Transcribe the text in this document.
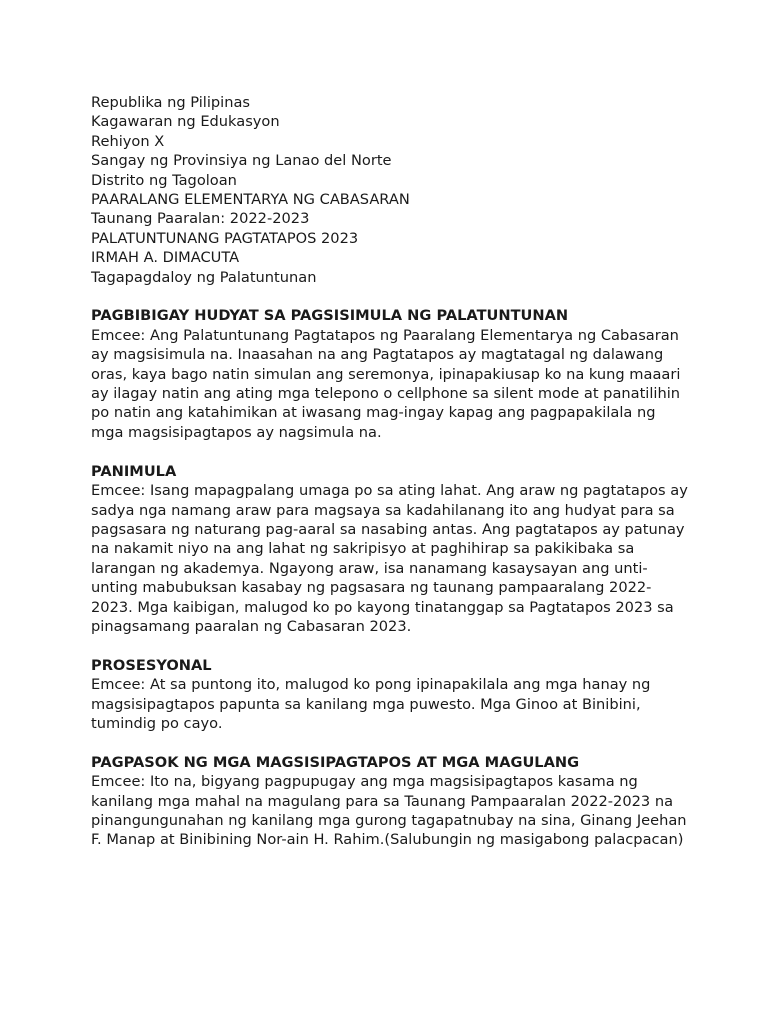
Republika ng Pilipinas
Kagawaran ng Edukasyon
Rehiyon X
Sangay ng Provinsiya ng Lanao del Norte
Distrito ng Tagoloan
PAARALANG ELEMENTARYA NG CABASARAN
Taunang Paaralan: 2022-2023
PALATUNTUNANG PAGTATAPOS 2023
IRMAH A. DIMACUTA
Tagapagdaloy ng Palatuntunan
PAGBIBIGAY HUDYAT SA PAGSISIMULA NG PALATUNTUNAN

Emcee: Ang Palatuntunang Pagtatapos ng Paaralang Elementarya ng Cabasaran ay magsisimula na. Inaasahan na ang Pagtatapos ay magtatagal ng dalawang oras, kaya bago natin simulan ang seremonya, ipinapakiusap ko na kung maaari ay ilagay natin ang ating mga telepono o cellphone sa silent mode at panatilihin po natin ang katahimikan at iwasang mag-ingay kapag ang pagpapakilala ng mga magsisipagtapos ay nagsimula na.

PANIMULA

Emcee: Isang mapagpalang umaga po sa ating lahat. Ang araw ng pagtatapos ay sadya nga namang araw para magsaya sa kadahilanang ito ang hudyat para sa pagsasara ng naturang pag-aaral sa nasabing antas. Ang pagtatapos ay patunay na nakamit niyo na ang lahat ng sakripisyo at paghihirap sa pakikibaka sa larangan ng akademya. Ngayong araw, isa nanamang kasaysayan ang unti-unting mabubuksan kasabay ng pagsasara ng taunang pampaaralang 2022-2023. Mga kaibigan, malugod ko po kayong tinatanggap sa Pagtatapos 2023 sa pinagsamang paaralan ng Cabasaran 2023.

PROSESYONAL

Emcee: At sa puntong ito, malugod ko pong ipinapakilala ang mga hanay ng magsisipagtapos papunta sa kanilang mga puwesto. Mga Ginoo at Binibini, tumindig po cayo.

PAGPASOK NG MGA MAGSISIPAGTAPOS AT MGA MAGULANG

Emcee: Ito na, bigyang pagpupugay ang mga magsisipagtapos kasama ng kanilang mga mahal na magulang para sa Taunang Pampaaralan 2022-2023 na pinangungunahan ng kanilang mga gurong tagapatnubay na sina, Ginang Jeehan F. Manap at Binibining Nor-ain H. Rahim.(Salubungin ng masigabong palacpacan)
